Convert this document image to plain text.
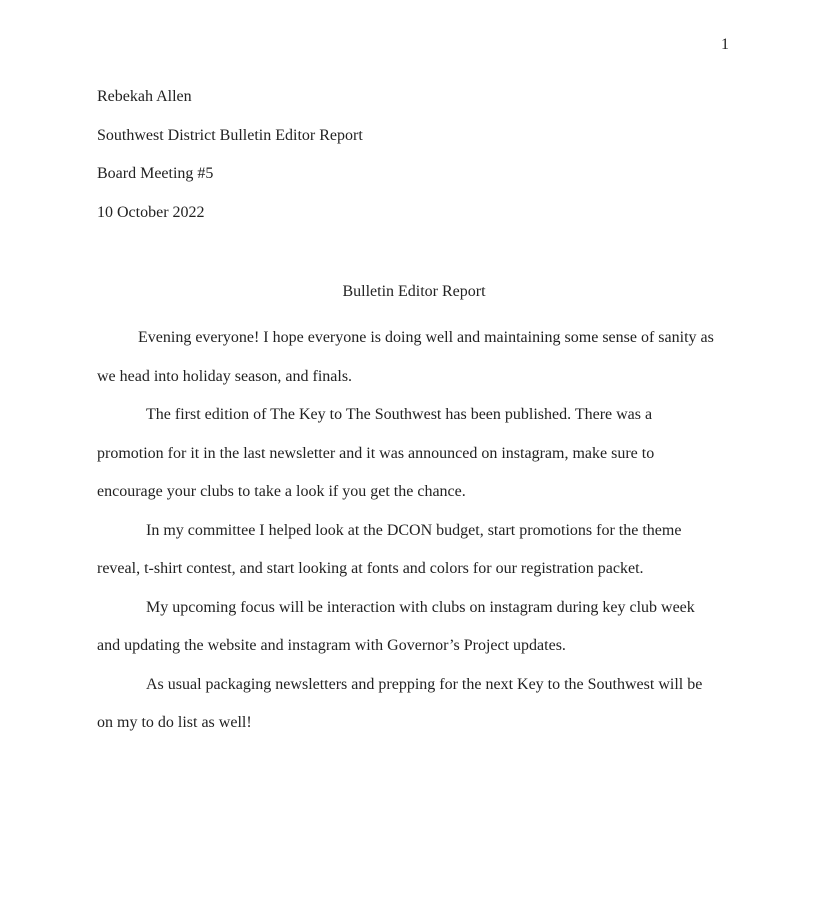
1
Rebekah Allen
Southwest District Bulletin Editor Report
Board Meeting #5
10 October 2022
Bulletin Editor Report
Evening everyone! I hope everyone is doing well and maintaining some sense of sanity as
we head into holiday season, and finals.
The first edition of The Key to The Southwest has been published. There was a
promotion for it in the last newsletter and it was announced on instagram, make sure to
encourage your clubs to take a look if you get the chance.
In my committee I helped look at the DCON budget, start promotions for the theme
reveal, t-shirt contest, and start looking at fonts and colors for our registration packet.
My upcoming focus will be interaction with clubs on instagram during key club week
and updating the website and instagram with Governor’s Project updates.
As usual packaging newsletters and prepping for the next Key to the Southwest will be
on my to do list as well!
